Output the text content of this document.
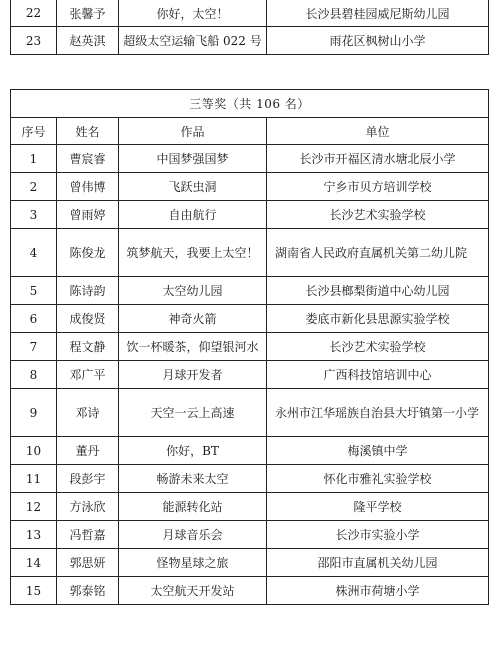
22	张馨予	你好，太空！	长沙县碧桂园威尼斯幼儿园
23	赵英淇	超级太空运输飞船 022 号	雨花区枫树山小学
三等奖（共 106 名）			
序号	姓名	作品	单位
1	曹宸睿	中国梦强国梦	长沙市开福区清水塘北辰小学
2	曾伟博	飞跃虫洞	宁乡市贝方培训学校
3	曾雨婷	自由航行	长沙艺术实验学校
4	陈俊龙	筑梦航天，我要上太空！	湖南省人民政府直属机关第二幼儿院
5	陈诗韵	太空幼儿园	长沙县榔梨街道中心幼儿园
6	成俊贤	神奇火箭	娄底市新化县思源实验学校
7	程文静	饮一杯暖茶，仰望银河水	长沙艺术实验学校
8	邓广平	月球开发者	广西科技馆培训中心
9	邓诗	天空一云上高速	永州市江华瑶族自治县大圩镇第一小学
10	董丹	你好，BT	梅溪镇中学
11	段彭宇	畅游未来太空	怀化市雅礼实验学校
12	方泳欣	能源转化站	隆平学校
13	冯哲嘉	月球音乐会	长沙市实验小学
14	郭思妍	怪物星球之旅	邵阳市直属机关幼儿园
15	郭泰铭	太空航天开发站	株洲市荷塘小学
